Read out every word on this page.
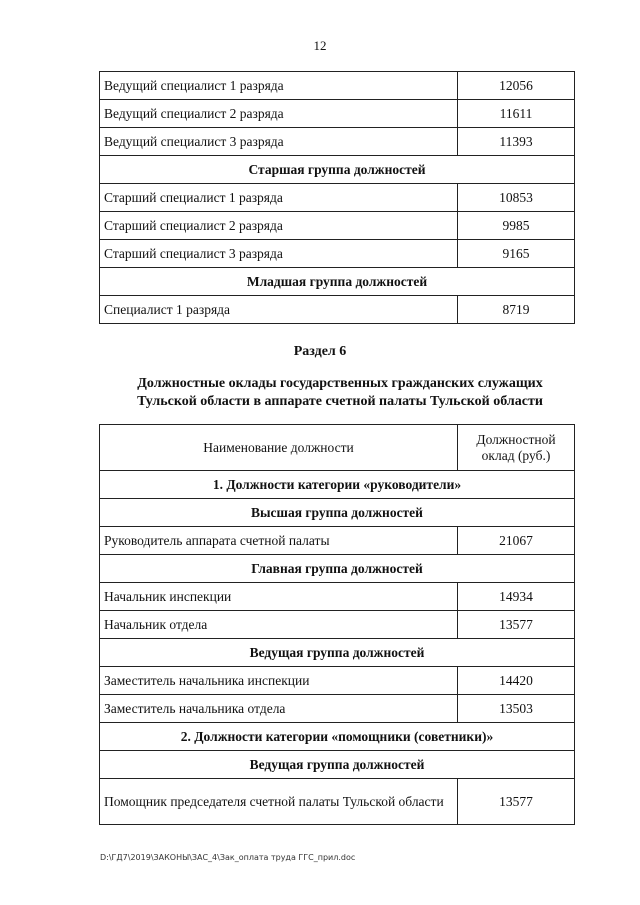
12
Ведущий специалист 1 разряда	12056
Ведущий специалист 2 разряда	11611
Ведущий специалист 3 разряда	11393
Старшая группа должностей	
Старший специалист 1 разряда	10853
Старший специалист 2 разряда	9985
Старший специалист 3 разряда	9165
Младшая группа должностей	
Специалист 1 разряда	8719
Раздел 6
Должностные оклады государственных гражданских служащих
Тульской области в аппарате счетной палаты Тульской области
Наименование должности	Должностной
оклад (руб.)

1. Должности категории «руководители»	
Высшая группа должностей	
Руководитель аппарата счетной палаты	21067
Главная группа должностей	
Начальник инспекции	14934
Начальник отдела	13577
Ведущая группа должностей	
Заместитель начальника инспекции	14420
Заместитель начальника отдела	13503
2. Должности категории «помощники (советники)»	
Ведущая группа должностей	
Помощник председателя счетной палаты Тульской области	13577
D:\ГД7\2019\ЗАКОНЫ\ЗАС_4\Зак_оплата труда ГГС_прил.doc
